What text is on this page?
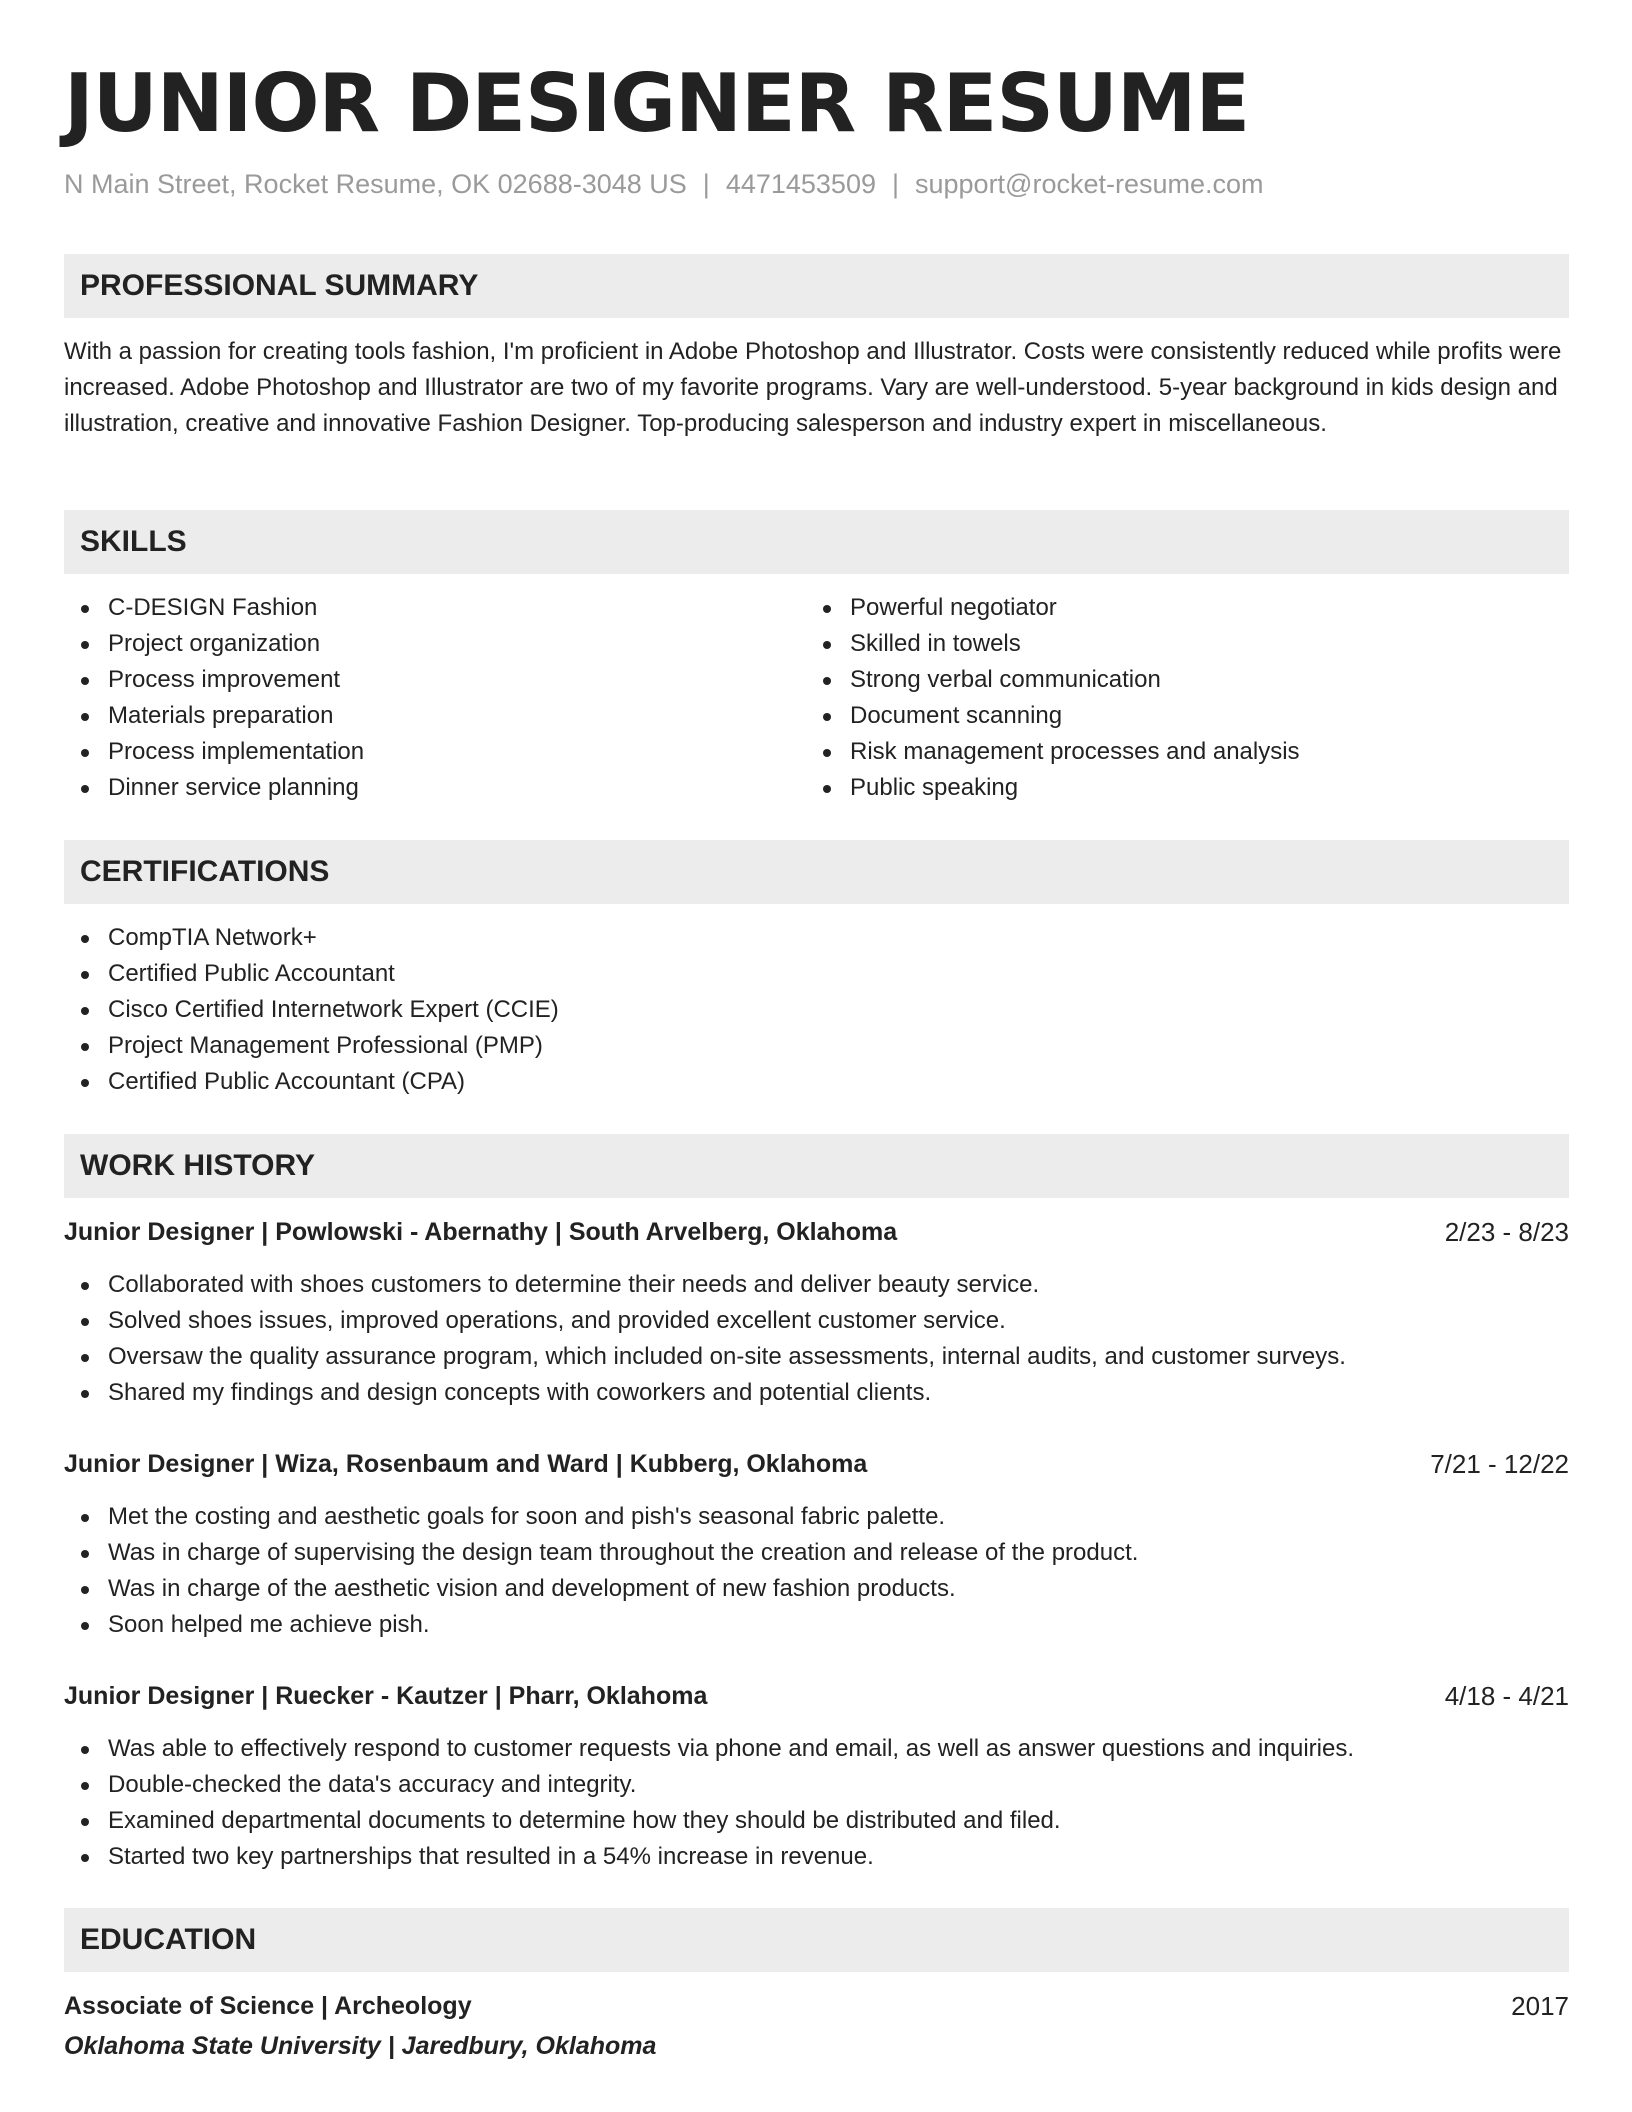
JUNIOR DESIGNER RESUME
N Main Street, Rocket Resume, OK 02688-3048 US | 4471453509 | support@rocket-resume.com
PROFESSIONAL SUMMARY

With a passion for creating tools fashion, I'm proficient in Adobe Photoshop and Illustrator. Costs were consistently reduced while profits were increased. Adobe Photoshop and Illustrator are two of my favorite programs. Vary are well-understood. 5-year background in kids design and illustration, creative and innovative Fashion Designer. Top-producing salesperson and industry expert in miscellaneous.

SKILLS
C-DESIGN Fashion
Project organization
Process improvement
Materials preparation
Process implementation
Dinner service planning
Powerful negotiator
Skilled in towels
Strong verbal communication
Document scanning
Risk management processes and analysis
Public speaking
CERTIFICATIONS
CompTIA Network+
Certified Public Accountant
Cisco Certified Internetwork Expert (CCIE)
Project Management Professional (PMP)
Certified Public Accountant (CPA)
WORK HISTORY
Junior Designer | Powlowski - Abernathy | South Arvelberg, Oklahoma	2/23 - 8/23
Collaborated with shoes customers to determine their needs and deliver beauty service.
Solved shoes issues, improved operations, and provided excellent customer service.
Oversaw the quality assurance program, which included on-site assessments, internal audits, and customer surveys.
Shared my findings and design concepts with coworkers and potential clients.
Junior Designer | Wiza, Rosenbaum and Ward | Kubberg, Oklahoma	7/21 - 12/22
Met the costing and aesthetic goals for soon and pish's seasonal fabric palette.
Was in charge of supervising the design team throughout the creation and release of the product.
Was in charge of the aesthetic vision and development of new fashion products.
Soon helped me achieve pish.
Junior Designer | Ruecker - Kautzer | Pharr, Oklahoma	4/18 - 4/21
Was able to effectively respond to customer requests via phone and email, as well as answer questions and inquiries.
Double-checked the data's accuracy and integrity.
Examined departmental documents to determine how they should be distributed and filed.
Started two key partnerships that resulted in a 54% increase in revenue.
EDUCATION
Associate of Science | Archeology	2017
Oklahoma State University | Jaredbury, Oklahoma
